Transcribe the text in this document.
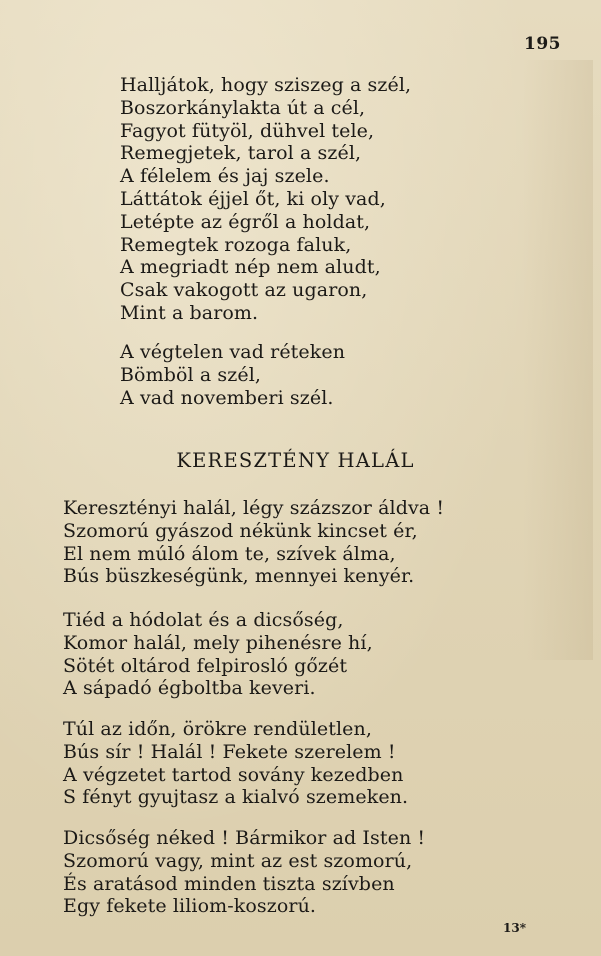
195
Halljátok, hogy sziszeg a szél,
Boszorkánylakta út a cél,
Fagyot fütyöl, dühvel tele,
Remegjetek, tarol a szél,
A félelem és jaj szele.
Láttátok éjjel őt, ki oly vad,
Letépte az égről a holdat,
Remegtek rozoga faluk,
A megriadt nép nem aludt,
Csak vakogott az ugaron,
Mint a barom.
A végtelen vad réteken
Bömböl a szél,
A vad novemberi szél.
KERESZTÉNY HALÁL
Keresztényi halál, légy százszor áldva !
Szomorú gyászod nékünk kincset ér,
El nem múló álom te, szívek álma,
Bús büszkeségünk, mennyei kenyér.
Tiéd a hódolat és a dicsőség,
Komor halál, mely pihenésre hí,
Sötét oltárod felpirosló gőzét
A sápadó égboltba keveri.
Túl az időn, örökre rendületlen,
Bús sír ! Halál ! Fekete szerelem !
A végzetet tartod sovány kezedben
S fényt gyujtasz a kialvó szemeken.
Dicsőség néked ! Bármikor ad Isten !
Szomorú vagy, mint az est szomorú,
És aratásod minden tiszta szívben
Egy fekete liliom-koszorú.
13*
